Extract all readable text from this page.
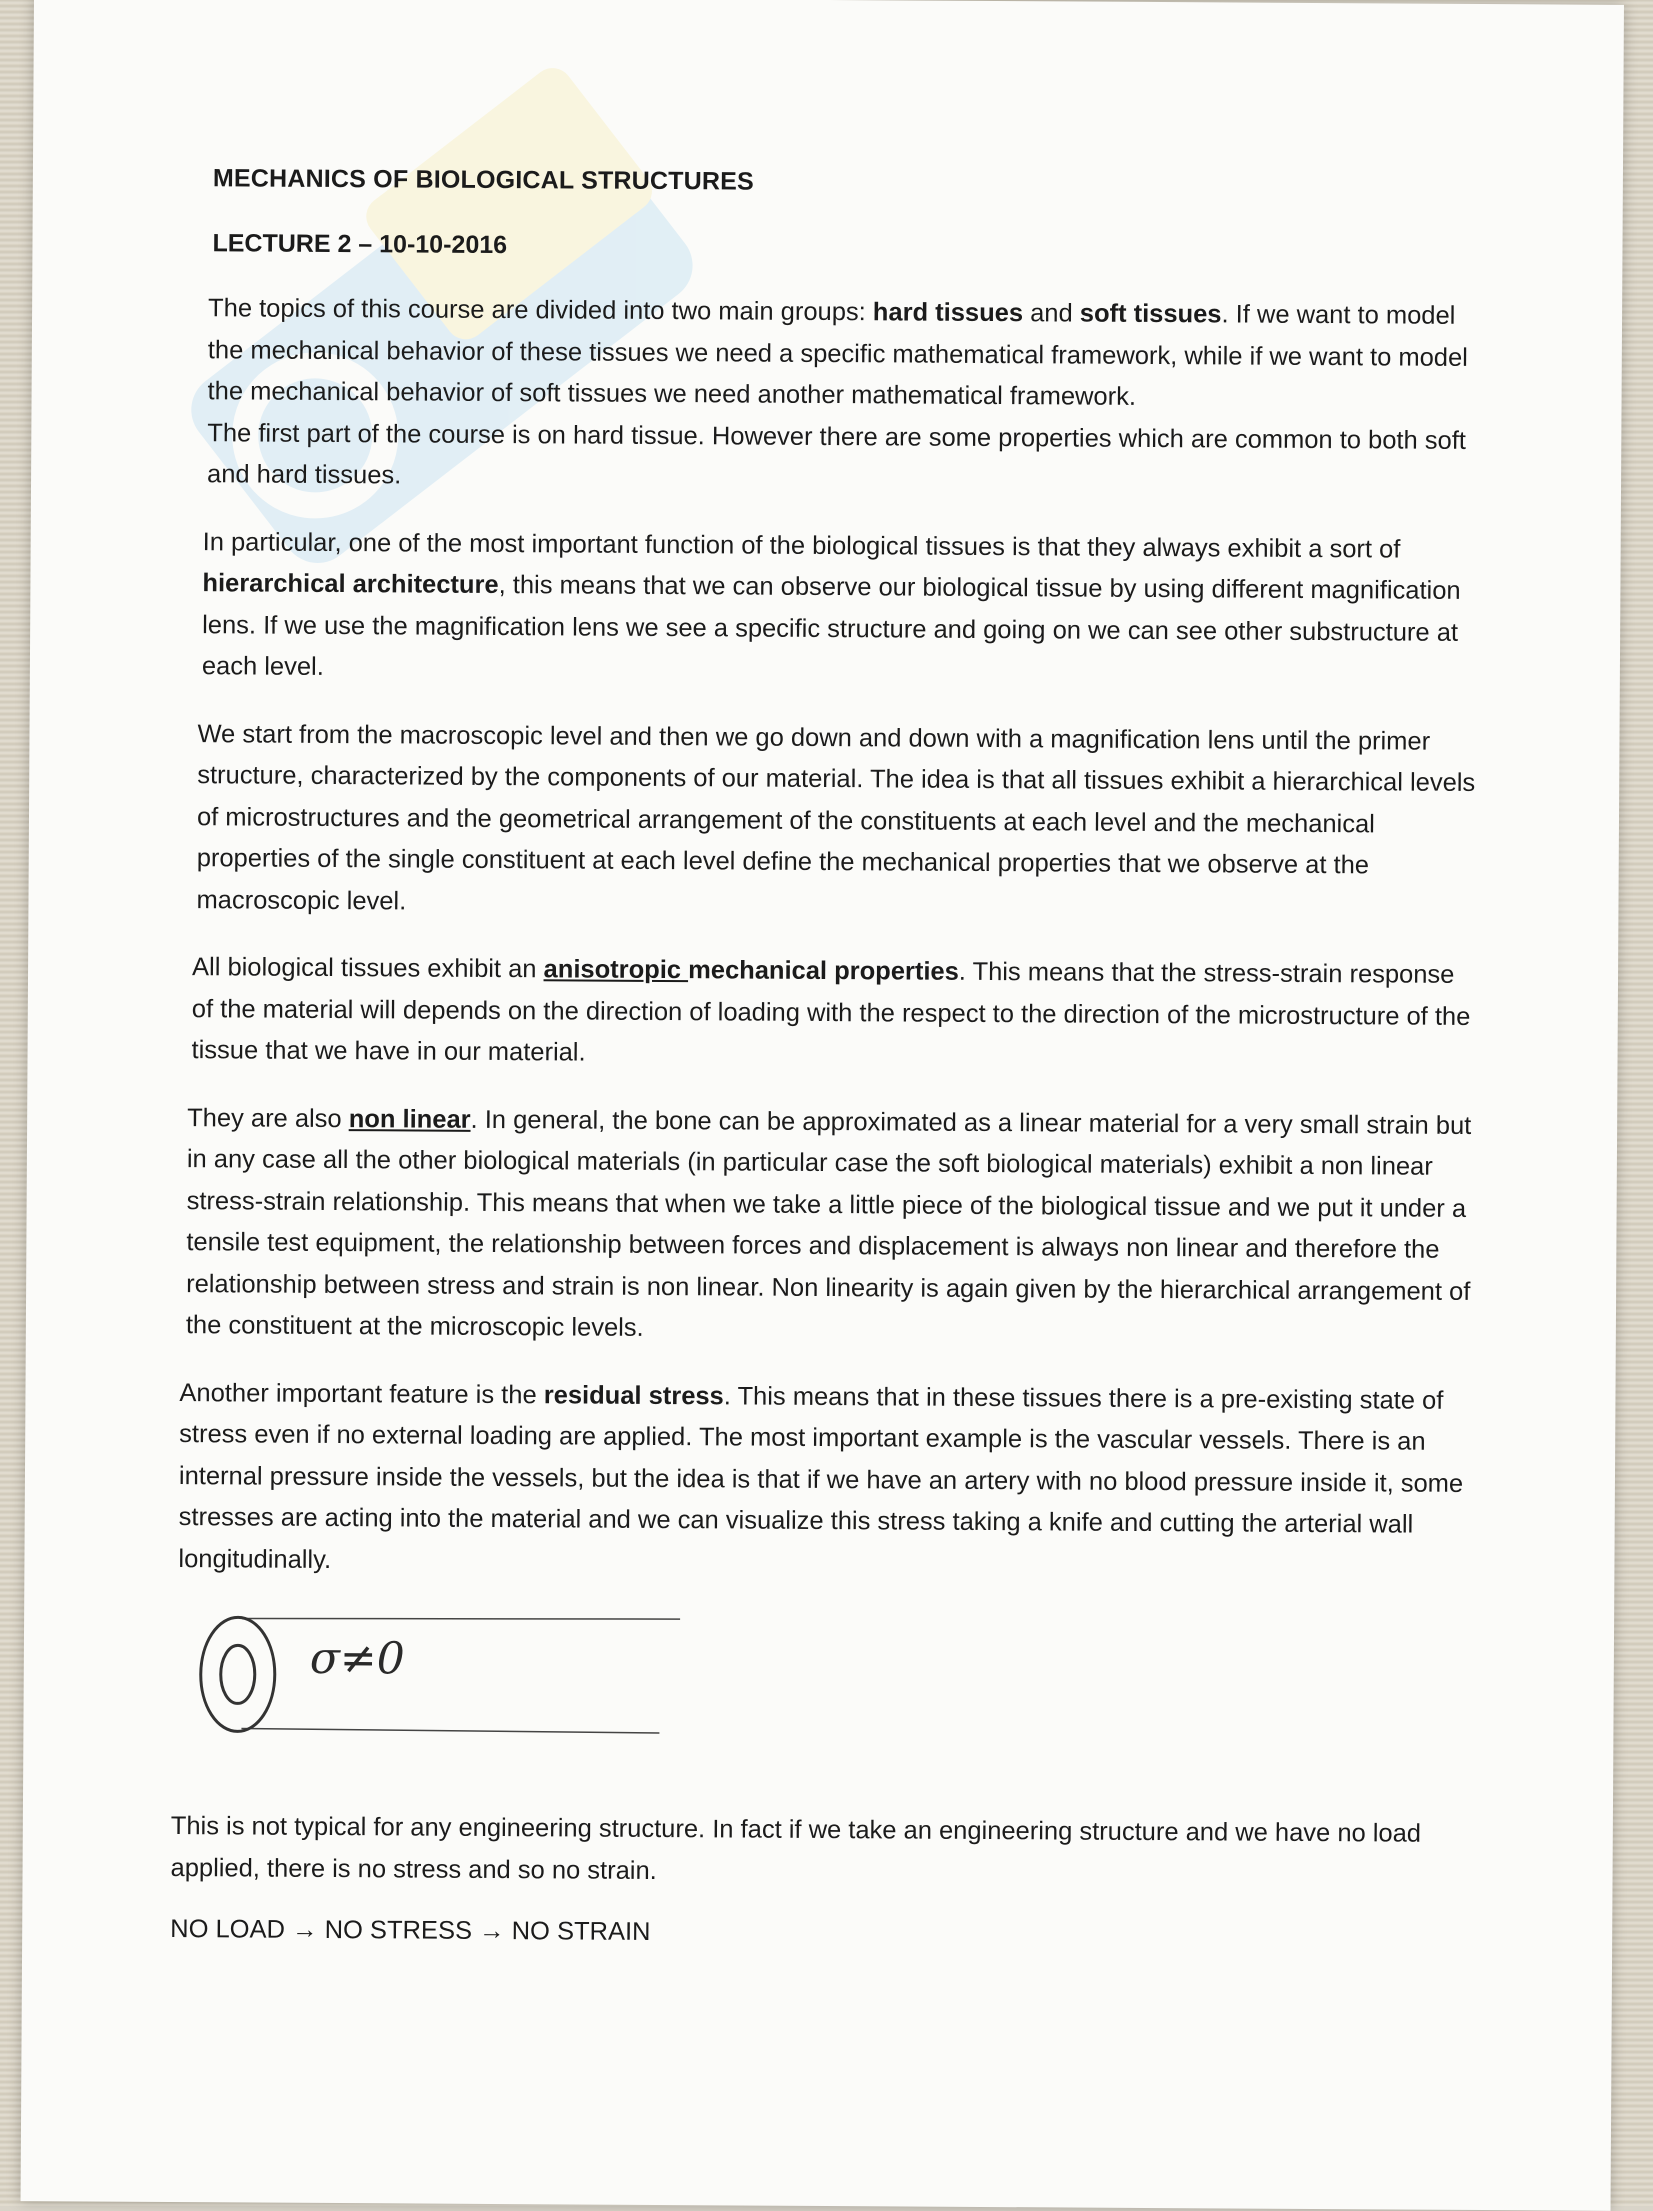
MECHANICS OF BIOLOGICAL STRUCTURES
LECTURE 2 – 10-10-2016

The topics of this course are divided into two main groups: hard tissues and soft tissues. If we want to model the mechanical behavior of these tissues we need a specific mathematical framework, while if we want to model the mechanical behavior of soft tissues we need another mathematical framework.
The first part of the course is on hard tissue. However there are some properties which are common to both soft and hard tissues.

In particular, one of the most important function of the biological tissues is that they always exhibit a sort of hierarchical architecture, this means that we can observe our biological tissue by using different magnification lens. If we use the magnification lens we see a specific structure and going on we can see other substructure at each level.

We start from the macroscopic level and then we go down and down with a magnification lens until the primer structure, characterized by the components of our material. The idea is that all tissues exhibit a hierarchical levels of microstructures and the geometrical arrangement of the constituents at each level and the mechanical properties of the single constituent at each level define the mechanical properties that we observe at the macroscopic level.

All biological tissues exhibit an anisotropic mechanical properties. This means that the stress-strain response of the material will depends on the direction of loading with the respect to the direction of the microstructure of the tissue that we have in our material.

They are also non linear. In general, the bone can be approximated as a linear material for a very small strain but in any case all the other biological materials (in particular case the soft biological materials) exhibit a non linear stress-strain relationship. This means that when we take a little piece of the biological tissue and we put it under a tensile test equipment, the relationship between forces and displacement is always non linear and therefore the relationship between stress and strain is non linear. Non linearity is again given by the hierarchical arrangement of the constituent at the microscopic levels.

Another important feature is the residual stress. This means that in these tissues there is a pre-existing state of stress even if no external loading are applied. The most important example is the vascular vessels. There is an internal pressure inside the vessels, but the idea is that if we have an artery with no blood pressure inside it, some stresses are acting into the material and we can visualize this stress taking a knife and cutting the arterial wall longitudinally.

σ≠0

This is not typical for any engineering structure. In fact if we take an engineering structure and we have no load applied, there is no stress and so no strain.

NO LOAD → NO STRESS → NO STRAIN
